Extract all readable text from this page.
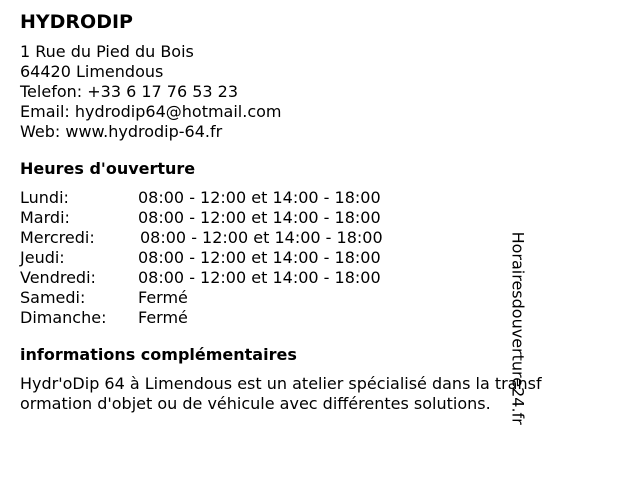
HYDRODIP
1 Rue du Pied du Bois
64420 Limendous
Telefon: +33 6 17 76 53 23
Email: hydrodip64@hotmail.com
Web: www.hydrodip-64.fr
Heures d'ouverture
Lundi:	08:00 - 12:00 et 14:00 - 18:00
Mardi:	08:00 - 12:00 et 14:00 - 18:00
Mercredi:	08:00 - 12:00 et 14:00 - 18:00
Jeudi:	08:00 - 12:00 et 14:00 - 18:00
Vendredi:	08:00 - 12:00 et 14:00 - 18:00
Samedi:	Fermé
Dimanche:	Fermé
informations complémentaires
Hydr'oDip 64 à Limendous est un atelier spécialisé dans la transf
ormation d'objet ou de véhicule avec différentes solutions.	Horairesdouverture24.fr
